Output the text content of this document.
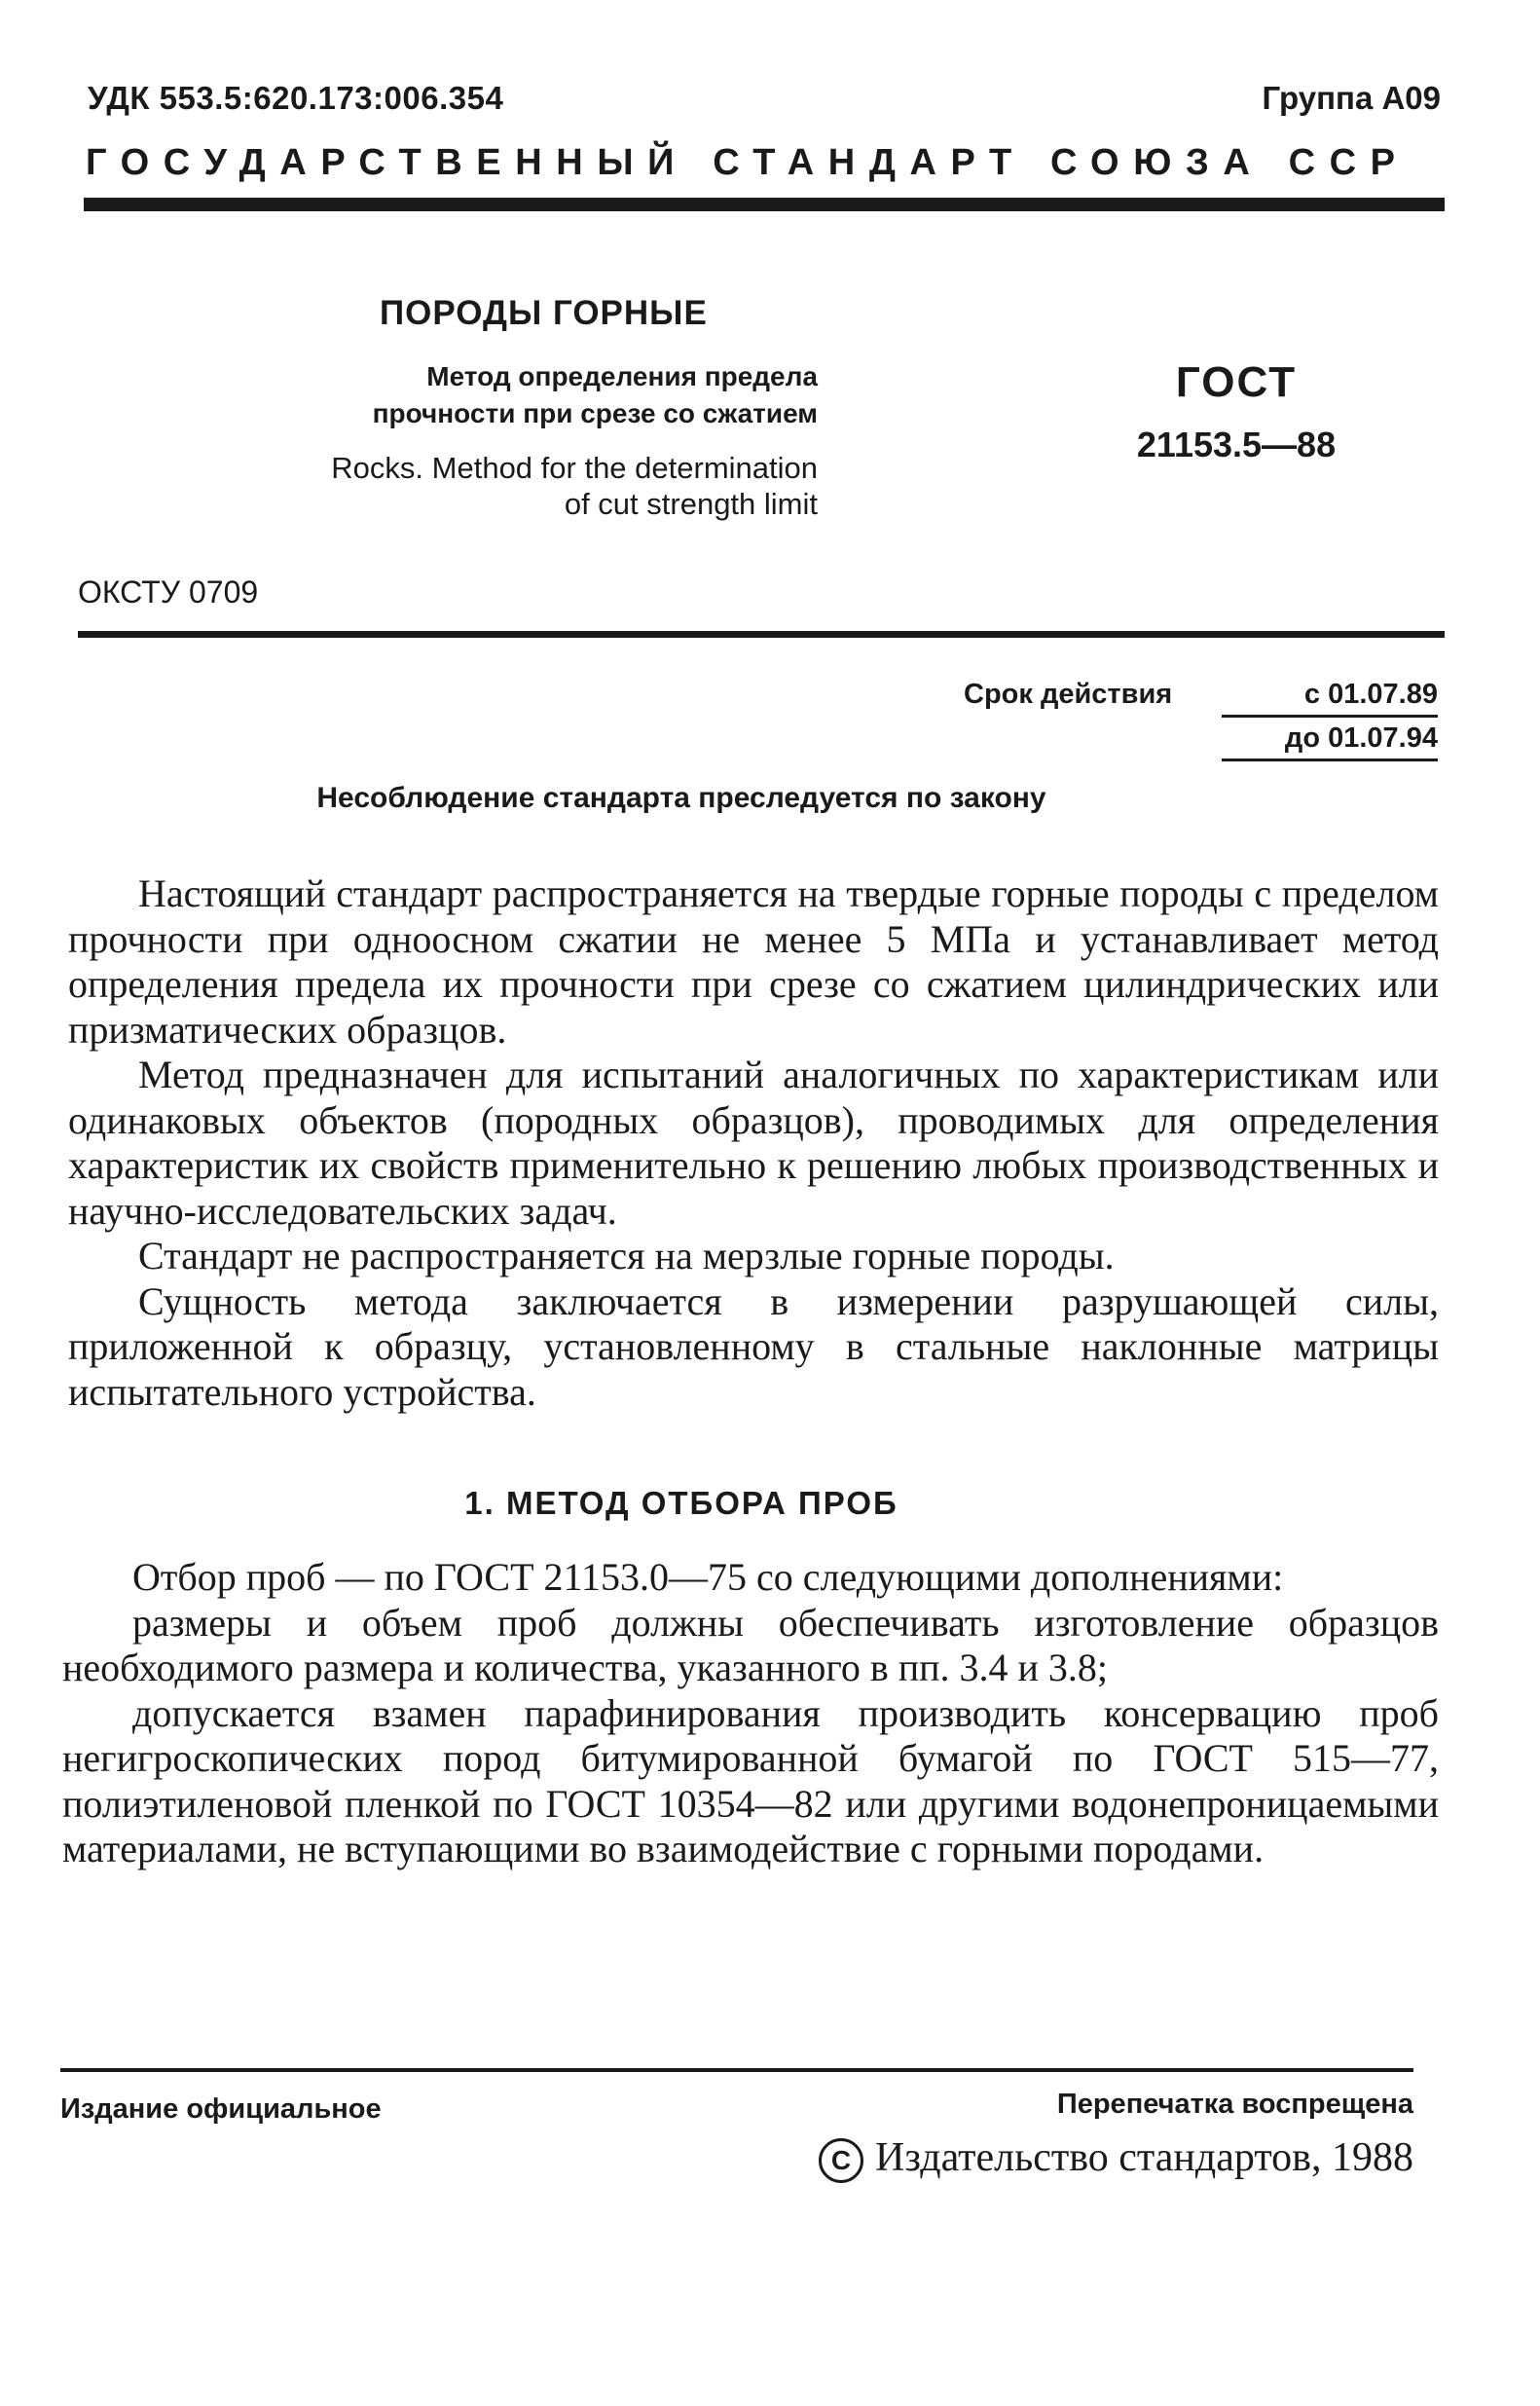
УДК 553.5:620.173:006.354	Группа А09
ГОСУДАРСТВЕННЫЙ СТАНДАРТ СОЮЗА ССР
ПОРОДЫ ГОРНЫЕ
Метод определения предела
прочности при срезе со сжатием
Rocks. Method for the determination
of cut strength limit
ГОСТ
21153.5—88
ОКСТУ 0709
Срок действия	с 01.07.89
до 01.07.94
Несоблюдение стандарта преследуется по закону

Настоящий стандарт распространяется на твердые горные породы с пределом прочности при одноосном сжатии не менее 5 МПа и устанавливает метод определения предела их прочности при срезе со сжатием цилиндрических или призматических образцов.

Метод предназначен для испытаний аналогичных по характеристикам или одинаковых объектов (породных образцов), проводимых для определения характеристик их свойств применительно к решению любых производственных и научно-исследовательских задач.

Стандарт не распространяется на мерзлые горные породы.

Сущность метода заключается в измерении разрушающей силы, приложенной к образцу, установленному в стальные наклонные матрицы испытательного устройства.

1. МЕТОД ОТБОРА ПРОБ

Отбор проб — по ГОСТ 21153.0—75 со следующими дополнениями:

размеры и объем проб должны обеспечивать изготовление образцов необходимого размера и количества, указанного в пп. 3.4 и 3.8;

допускается взамен парафинирования производить консервацию проб негигроскопических пород битумированной бумагой по ГОСТ 515—77, полиэтиленовой пленкой по ГОСТ 10354—82 или другими водонепроницаемыми материалами, не вступающими во взаимодействие с горными породами.

Издание официальное	Перепечатка воспрещена
C Издательство стандартов, 1988
